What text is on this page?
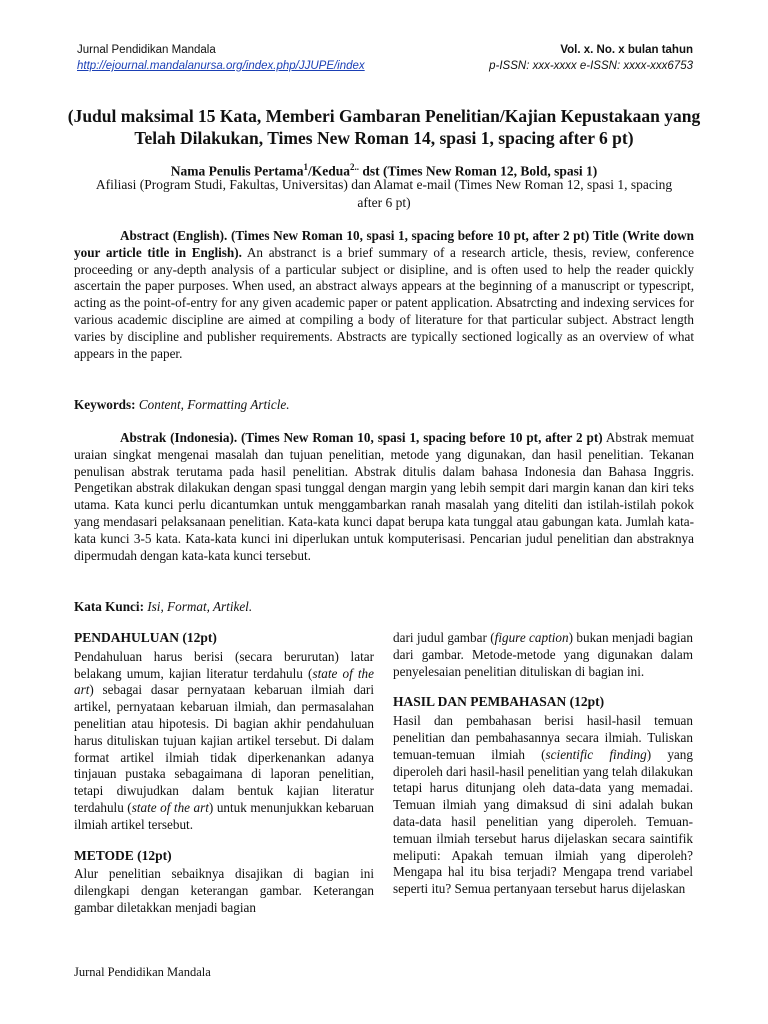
Jurnal Pendidikan Mandala	Vol. x. No. x bulan tahun
http://ejournal.mandalanursa.org/index.php/JJUPE/index	p-ISSN: xxx-xxxx e-ISSN: xxxx-xxx6753
(Judul maksimal 15 Kata, Memberi Gambaran Penelitian/Kajian Kepustakaan yang Telah Dilakukan, Times New Roman 14, spasi 1, spacing after 6 pt)
Nama Penulis Pertama$^1$/Kedua$^{2..}$ dst (Times New Roman 12, Bold, spasi 1)
Afiliasi (Program Studi, Fakultas, Universitas) dan Alamat e-mail (Times New Roman 12, spasi 1, spacing after 6 pt)
Abstract (English). (Times New Roman 10, spasi 1, spacing before 10 pt, after 2 pt) Title (Write down your article title in English). An abstranct is a brief summary of a research article, thesis, review, conference proceeding or any-depth analysis of a particular subject or disipline, and is often used to help the reader quickly ascertain the paper purposes. When used, an abstract always appears at the beginning of a manuscript or typescript, acting as the point-of-entry for any given academic paper or patent application. Absatrcting and indexing services for various academic discipline are aimed at compiling a body of literature for that particular subject. Abstract length varies by discipline and publisher requirements. Abstracts are typically sectioned logically as an overview of what appears in the paper.
Keywords: Content, Formatting Article.
Abstrak (Indonesia). (Times New Roman 10, spasi 1, spacing before 10 pt, after 2 pt) Abstrak memuat uraian singkat mengenai masalah dan tujuan penelitian, metode yang digunakan, dan hasil penelitian. Tekanan penulisan abstrak terutama pada hasil penelitian. Abstrak ditulis dalam bahasa Indonesia dan Bahasa Inggris. Pengetikan abstrak dilakukan dengan spasi tunggal dengan margin yang lebih sempit dari margin kanan dan kiri teks utama. Kata kunci perlu dicantumkan untuk menggambarkan ranah masalah yang diteliti dan istilah-istilah pokok yang mendasari pelaksanaan penelitian. Kata-kata kunci dapat berupa kata tunggal atau gabungan kata. Jumlah kata-kata kunci 3-5 kata. Kata-kata kunci ini diperlukan untuk komputerisasi. Pencarian judul penelitian dan abstraknya dipermudah dengan kata-kata kunci tersebut.
Kata Kunci: Isi, Format, Artikel.
PENDAHULUAN (12pt)

Pendahuluan harus berisi (secara berurutan) latar belakang umum, kajian literatur terdahulu (state of the art) sebagai dasar pernyataan kebaruan ilmiah dari artikel, pernyataan kebaruan ilmiah, dan permasalahan penelitian atau hipotesis. Di bagian akhir pendahuluan harus dituliskan tujuan kajian artikel tersebut. Di dalam format artikel ilmiah tidak diperkenankan adanya tinjauan pustaka sebagaimana di laporan penelitian, tetapi diwujudkan dalam bentuk kajian literatur terdahulu (state of the art) untuk menunjukkan kebaruan ilmiah artikel tersebut.

METODE (12pt)

Alur penelitian sebaiknya disajikan di bagian ini dilengkapi dengan keterangan gambar. Keterangan gambar diletakkan menjadi bagian

dari judul gambar (figure caption) bukan menjadi bagian dari gambar. Metode-metode yang digunakan dalam penyelesaian penelitian dituliskan di bagian ini.

HASIL DAN PEMBAHASAN (12pt)

Hasil dan pembahasan berisi hasil-hasil temuan penelitian dan pembahasannya secara ilmiah. Tuliskan temuan-temuan ilmiah (scientific finding) yang diperoleh dari hasil-hasil penelitian yang telah dilakukan tetapi harus ditunjang oleh data-data yang memadai. Temuan ilmiah yang dimaksud di sini adalah bukan data-data hasil penelitian yang diperoleh. Temuan-temuan ilmiah tersebut harus dijelaskan secara saintifik meliputi: Apakah temuan ilmiah yang diperoleh? Mengapa hal itu bisa terjadi? Mengapa trend variabel seperti itu? Semua pertanyaan tersebut harus dijelaskan

Jurnal Pendidikan Mandala
